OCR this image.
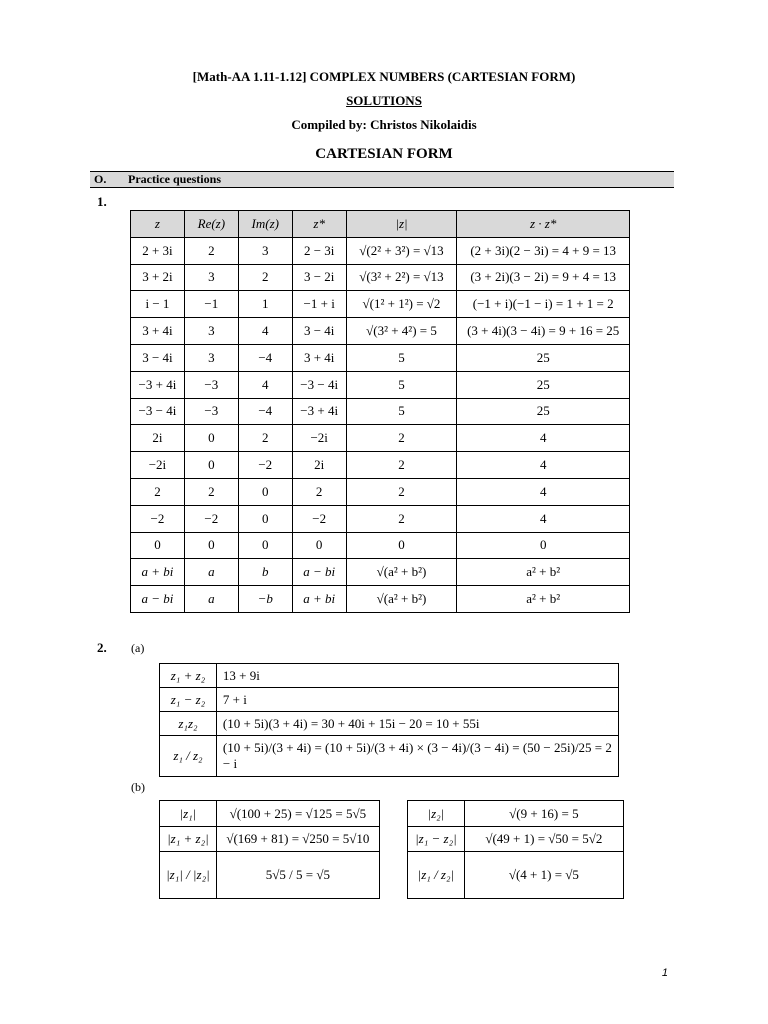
[Math-AA 1.11-1.12] COMPLEX NUMBERS (CARTESIAN FORM)
SOLUTIONS
Compiled by: Christos Nikolaidis
CARTESIAN FORM
O. Practice questions
1.
z	Re(z)	Im(z)	z*	|z|	z · z*
2 + 3i	2	3	2 − 3i	√(2² + 3²) = √13	(2 + 3i)(2 − 3i) = 4 + 9 = 13
3 + 2i	3	2	3 − 2i	√(3² + 2²) = √13	(3 + 2i)(3 − 2i) = 9 + 4 = 13
i − 1	−1	1	−1 + i	√(1² + 1²) = √2	(−1 + i)(−1 − i) = 1 + 1 = 2
3 + 4i	3	4	3 − 4i	√(3² + 4²) = 5	(3 + 4i)(3 − 4i) = 9 + 16 = 25
3 − 4i	3	−4	3 + 4i	5	25
−3 + 4i	−3	4	−3 − 4i	5	25
−3 − 4i	−3	−4	−3 + 4i	5	25
2i	0	2	−2i	2	4
−2i	0	−2	2i	2	4
2	2	0	2	2	4
−2	−2	0	−2	2	4
0	0	0	0	0	0
a + bi	a	b	a − bi	√(a² + b²)	a² + b²
a − bi	a	−b	a + bi	√(a² + b²)	a² + b²
2. (a)
z₁ + z₂	13 + 9i
z₁ − z₂	7 + i
z₁z₂	(10 + 5i)(3 + 4i) = 30 + 40i + 15i − 20 = 10 + 55i
z₁ / z₂	(10 + 5i)/(3 + 4i) = (10 + 5i)/(3 + 4i) × (3 − 4i)/(3 − 4i) = (50 − 25i)/25 = 2 − i
(b)
|z₁|	√(100 + 25) = √125 = 5√5
|z₁ + z₂|	√(169 + 81) = √250 = 5√10
|z₁| / |z₂|	5√5 / 5 = √5
|z₂|	√(9 + 16) = 5
|z₁ − z₂|	√(49 + 1) = √50 = 5√2
|z₁ / z₂|	√(4 + 1) = √5
1
